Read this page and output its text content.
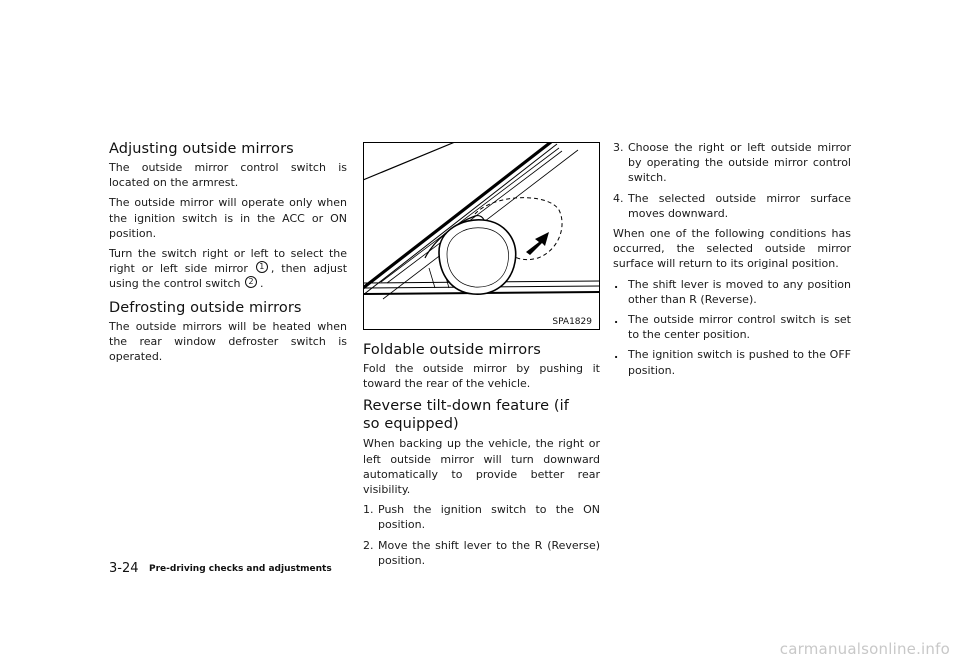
Adjusting outside mirrors

The outside mirror control switch is located on the armrest.

The outside mirror will operate only when the ignition switch is in the ACC or ON position.

Turn the switch right or left to select the right or left side mirror 1 , then adjust using the control switch 2 .

Defrosting outside mirrors

The outside mirrors will be heated when the rear window defroster switch is operated.

SPA1829
Foldable outside mirrors

Fold the outside mirror by pushing it toward the rear of the vehicle.

Reverse tilt-down feature (if so equipped)

When backing up the vehicle, the right or left outside mirror will turn downward automatically to provide better rear visibility.

1. Push the ignition switch to the ON position.
2. Move the shift lever to the R (Reverse) position.
3. Choose the right or left outside mirror by operating the outside mirror control switch.
4. The selected outside mirror surface moves downward.

When one of the following conditions has occurred, the selected outside mirror surface will return to its original position.

. The shift lever is moved to any position other than R (Reverse).
. The outside mirror control switch is set to the center position.
. The ignition switch is pushed to the OFF position.
3-24 Pre-driving checks and adjustments
carmanualsonline.info
